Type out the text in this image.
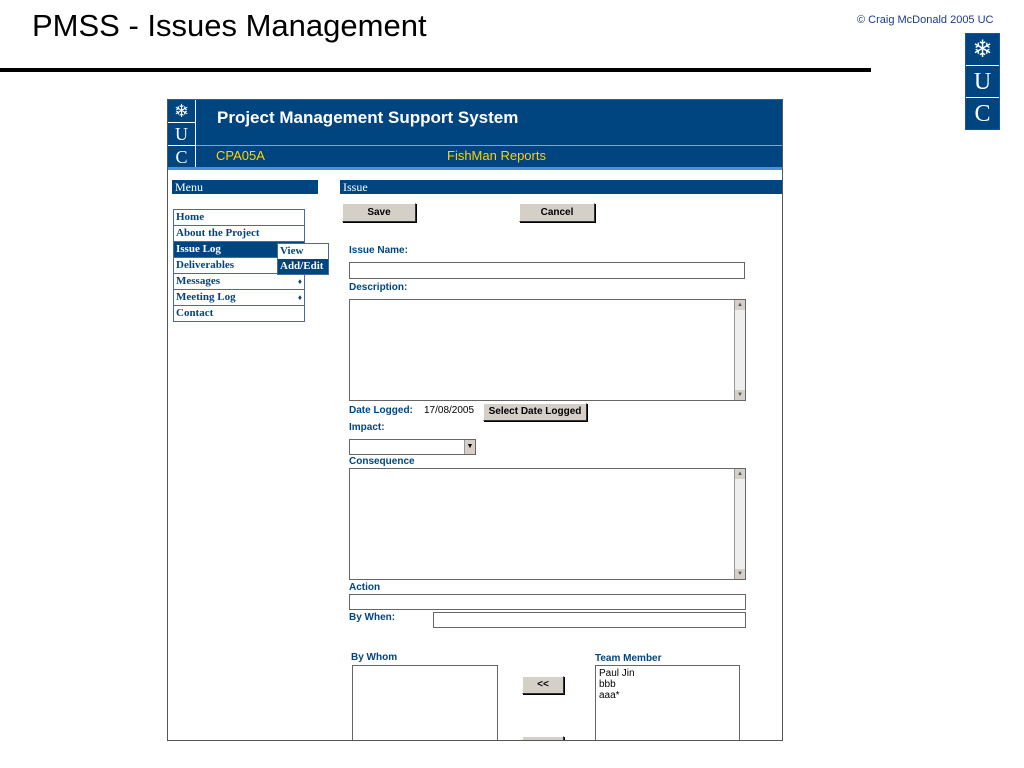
PMSS - Issues Management	© Craig McDonald 2005 UC
❄
U
C
❄
U
C
Project Management Support System
CPA05A	FishMan Reports
Menu
Home
About the Project
Issue Log
Deliverables
Messages	♦
Meeting Log	♦
Contact
View
Add/Edit
Issue
Save	Cancel
Issue Name:
Description:
▲
▼
Date Logged: 17/08/2005	Select Date Logged
Impact:
▼
Consequence
▲
▼
Action
By When:
By Whom
<<
Team Member
Paul Jin
bbb
aaa*
